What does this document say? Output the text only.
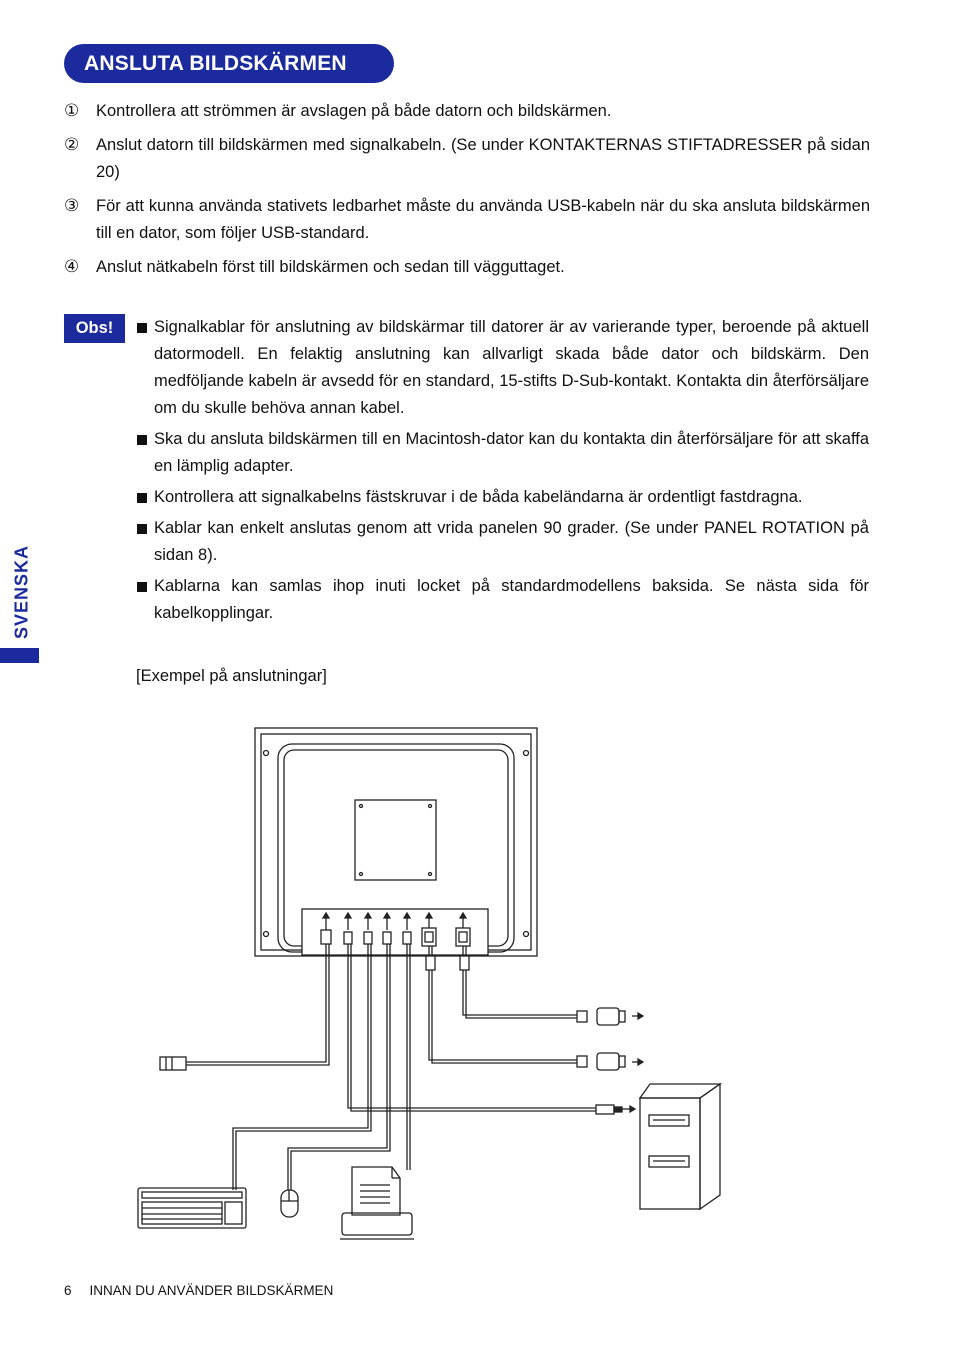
ANSLUTA BILDSKÄRMEN
①	Kontrollera att strömmen är avslagen på både datorn och bildskärmen.
②	Anslut datorn till bildskärmen med signalkabeln. (Se under KONTAKTERNAS STIFTADRESSER på sidan 20)
③	För att kunna använda stativets ledbarhet måste du använda USB-kabeln när du ska ansluta bildskärmen till en dator, som följer USB-standard.
④	Anslut nätkabeln först till bildskärmen och sedan till vägguttaget.
Obs! Signalkablar för anslutning av bildskärmar till datorer är av varierande typer, beroende på aktuell datormodell. En felaktig anslutning kan allvarligt skada både dator och bildskärm. Den medföljande kabeln är avsedd för en standard, 15-stifts D-Sub-kontakt. Kontakta din återförsäljare om du skulle behöva annan kabel.
Ska du ansluta bildskärmen till en Macintosh-dator kan du kontakta din återförsäljare för att skaffa en lämplig adapter.
Kontrollera att signalkabelns fästskruvar i de båda kabeländarna är ordentligt fastdragna.
Kablar kan enkelt anslutas genom att vrida panelen 90 grader. (Se under PANEL ROTATION på sidan 8).
Kablarna kan samlas ihop inuti locket på standardmodellens baksida. Se nästa sida för kabelkopplingar.
SVENSKA
[Exempel på anslutningar]
6 INNAN DU ANVÄNDER BILDSKÄRMEN
